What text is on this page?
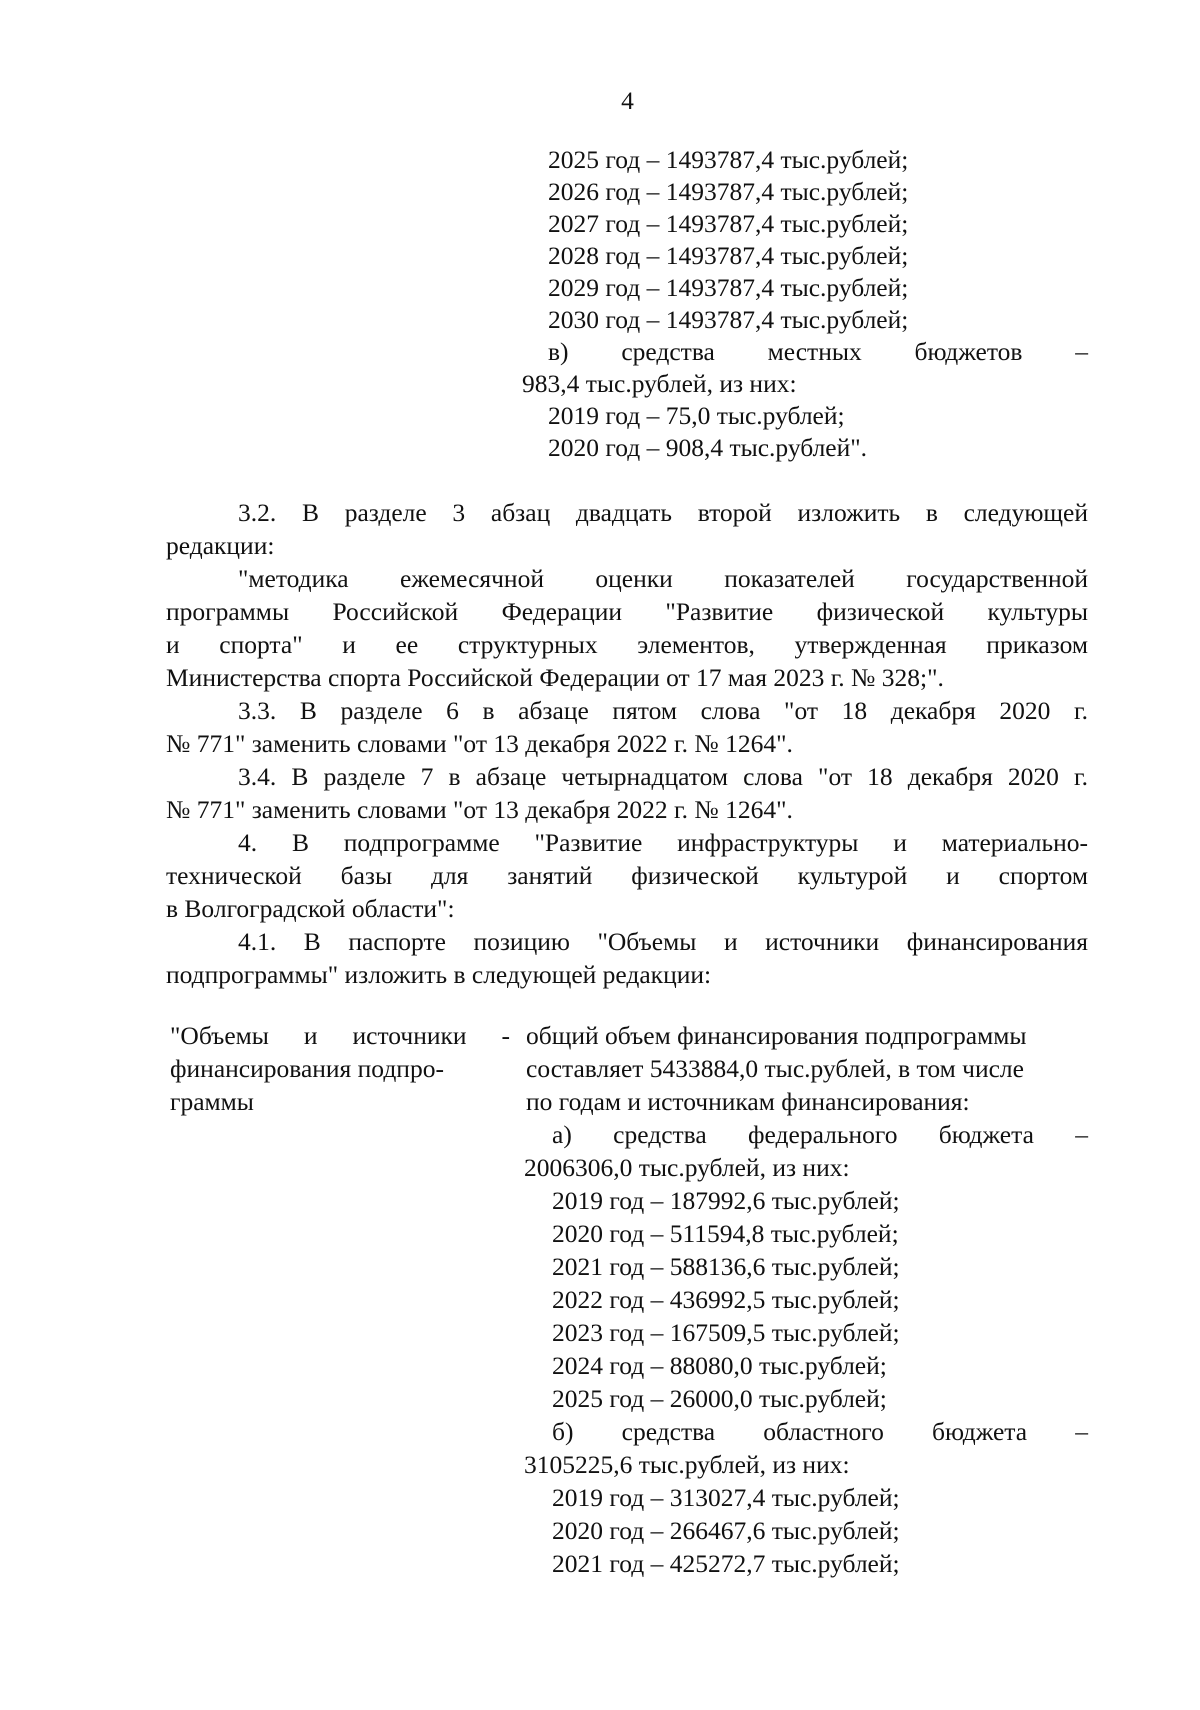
4
2025 год – 1493787,4 тыс.рублей;
2026 год – 1493787,4 тыс.рублей;
2027 год – 1493787,4 тыс.рублей;
2028 год – 1493787,4 тыс.рублей;
2029 год – 1493787,4 тыс.рублей;
2030 год – 1493787,4 тыс.рублей;
в) средства местных бюджетов –
983,4 тыс.рублей, из них:
2019 год – 75,0 тыс.рублей;
2020 год – 908,4 тыс.рублей".
3.2. В разделе 3 абзац двадцать второй изложить в следующей
редакции:
"методика ежемесячной оценки показателей государственной
программы Российской Федерации "Развитие физической культуры
и спорта" и ее структурных элементов, утвержденная приказом
Министерства спорта Российской Федерации от 17 мая 2023 г. № 328;".
3.3. В разделе 6 в абзаце пятом слова "от 18 декабря 2020 г.
№ 771" заменить словами "от 13 декабря 2022 г. № 1264".
3.4. В разделе 7 в абзаце четырнадцатом слова "от 18 декабря 2020 г.
№ 771" заменить словами "от 13 декабря 2022 г. № 1264".
4. В подпрограмме "Развитие инфраструктуры и материально-
технической базы для занятий физической культурой и спортом
в Волгоградской области":
4.1. В паспорте позицию "Объемы и источники финансирования
подпрограммы" изложить в следующей редакции:
"Объемы и источники -
финансирования подпро-
граммы
общий объем финансирования подпрограммы
составляет 5433884,0 тыс.рублей, в том числе
по годам и источникам финансирования:
а) средства федерального бюджета –
2006306,0 тыс.рублей, из них:
2019 год – 187992,6 тыс.рублей;
2020 год – 511594,8 тыс.рублей;
2021 год – 588136,6 тыс.рублей;
2022 год – 436992,5 тыс.рублей;
2023 год – 167509,5 тыс.рублей;
2024 год – 88080,0 тыс.рублей;
2025 год – 26000,0 тыс.рублей;
б) средства областного бюджета –
3105225,6 тыс.рублей, из них:
2019 год – 313027,4 тыс.рублей;
2020 год – 266467,6 тыс.рублей;
2021 год – 425272,7 тыс.рублей;
